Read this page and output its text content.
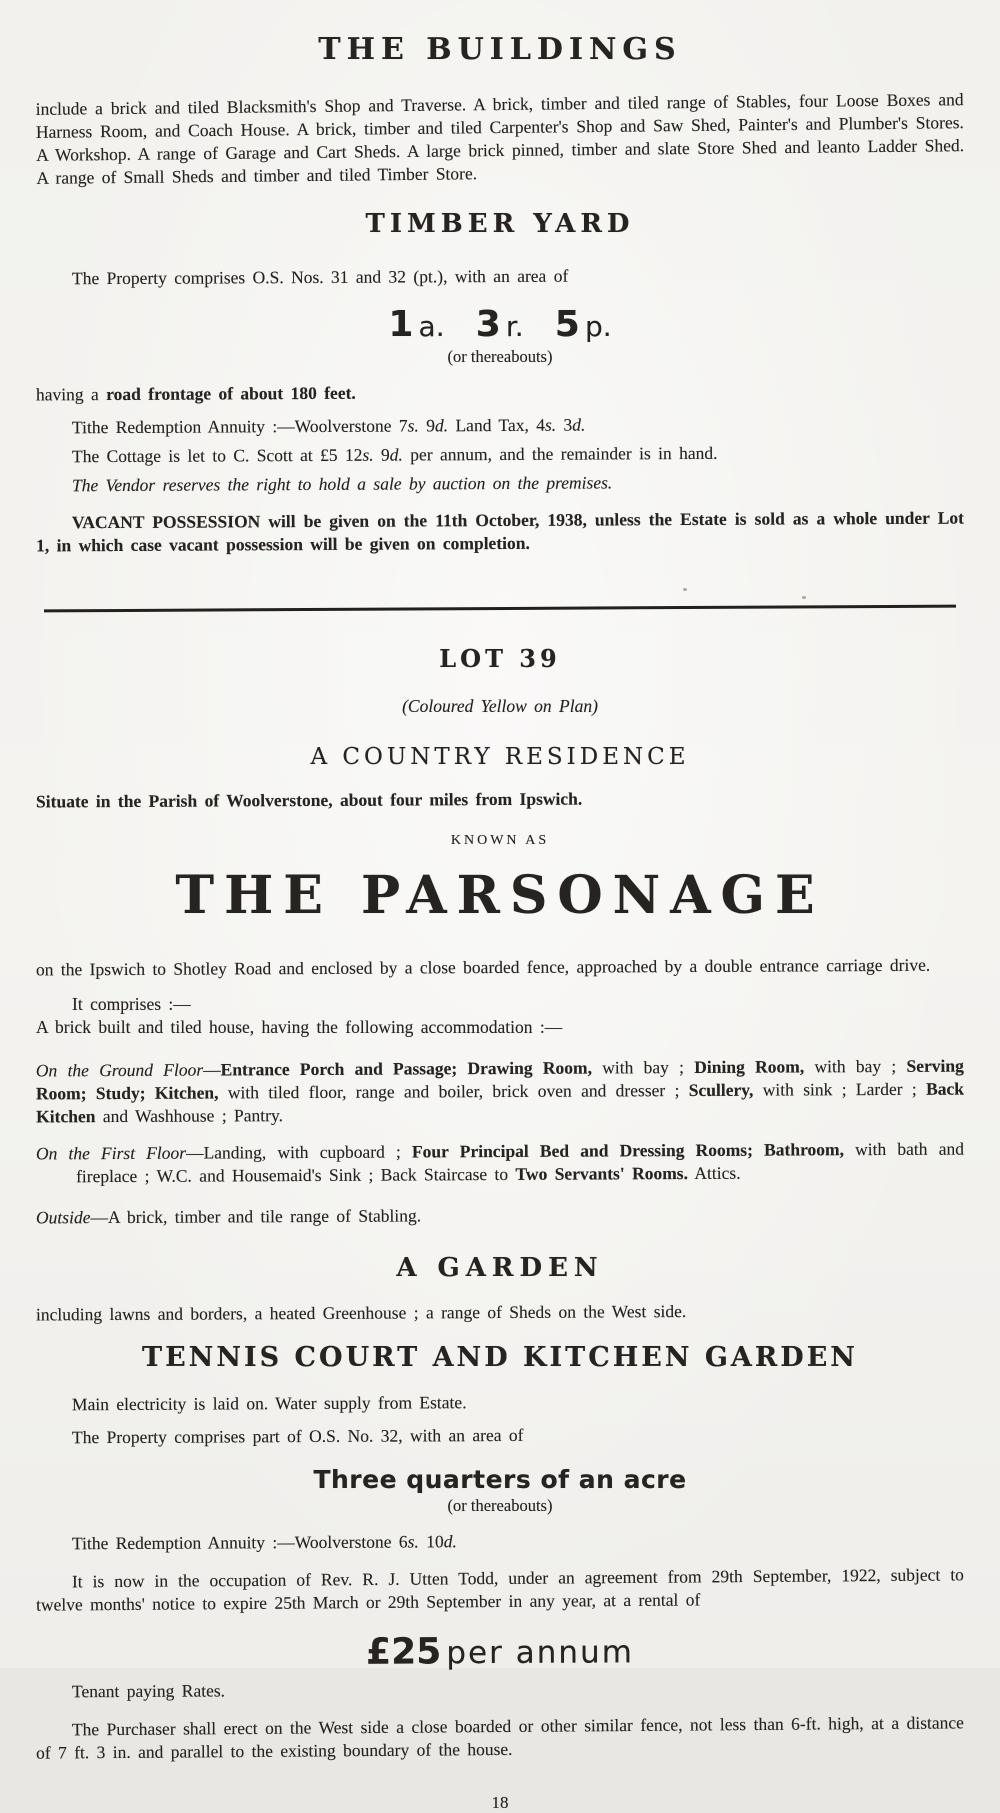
THE BUILDINGS

include a brick and tiled Blacksmith's Shop and Traverse. A brick, timber and tiled range of Stables, four Loose Boxes and Harness Room, and Coach House. A brick, timber and tiled Carpenter's Shop and Saw Shed, Painter's and Plumber's Stores. A Workshop. A range of Garage and Cart Sheds. A large brick pinned, timber and slate Store Shed and leanto Ladder Shed. A range of Small Sheds and timber and tiled Timber Store.

TIMBER YARD

The Property comprises O.S. Nos. 31 and 32 (pt.), with an area of

1 a. 3 r. 5 p.

(or thereabouts)

having a road frontage of about 180 feet.

Tithe Redemption Annuity :—Woolverstone 7s. 9d. Land Tax, 4s. 3d.

The Cottage is let to C. Scott at £5 12s. 9d. per annum, and the remainder is in hand.

The Vendor reserves the right to hold a sale by auction on the premises.

VACANT POSSESSION will be given on the 11th October, 1938, unless the Estate is sold as a whole under Lot 1, in which case vacant possession will be given on completion.

LOT 39

(Coloured Yellow on Plan)

A COUNTRY RESIDENCE

Situate in the Parish of Woolverstone, about four miles from Ipswich.

KNOWN AS

THE PARSONAGE

on the Ipswich to Shotley Road and enclosed by a close boarded fence, approached by a double entrance carriage drive.

It comprises :—

A brick built and tiled house, having the following accommodation :—

On the Ground Floor—Entrance Porch and Passage; Drawing Room, with bay ; Dining Room, with bay ; Serving Room; Study; Kitchen, with tiled floor, range and boiler, brick oven and dresser ; Scullery, with sink ; Larder ; Back Kitchen and Washhouse ; Pantry.

On the First Floor—Landing, with cupboard ; Four Principal Bed and Dressing Rooms; Bathroom, with bath and fireplace ; W.C. and Housemaid's Sink ; Back Staircase to Two Servants' Rooms. Attics.

Outside—A brick, timber and tile range of Stabling.

A GARDEN

including lawns and borders, a heated Greenhouse ; a range of Sheds on the West side.

TENNIS COURT AND KITCHEN GARDEN

Main electricity is laid on. Water supply from Estate.

The Property comprises part of O.S. No. 32, with an area of

Three quarters of an acre

(or thereabouts)

Tithe Redemption Annuity :—Woolverstone 6s. 10d.

It is now in the occupation of Rev. R. J. Utten Todd, under an agreement from 29th September, 1922, subject to twelve months' notice to expire 25th March or 29th September in any year, at a rental of

£25 per annum

Tenant paying Rates.

The Purchaser shall erect on the West side a close boarded or other similar fence, not less than 6-ft. high, at a distance of 7 ft. 3 in. and parallel to the existing boundary of the house.

18
